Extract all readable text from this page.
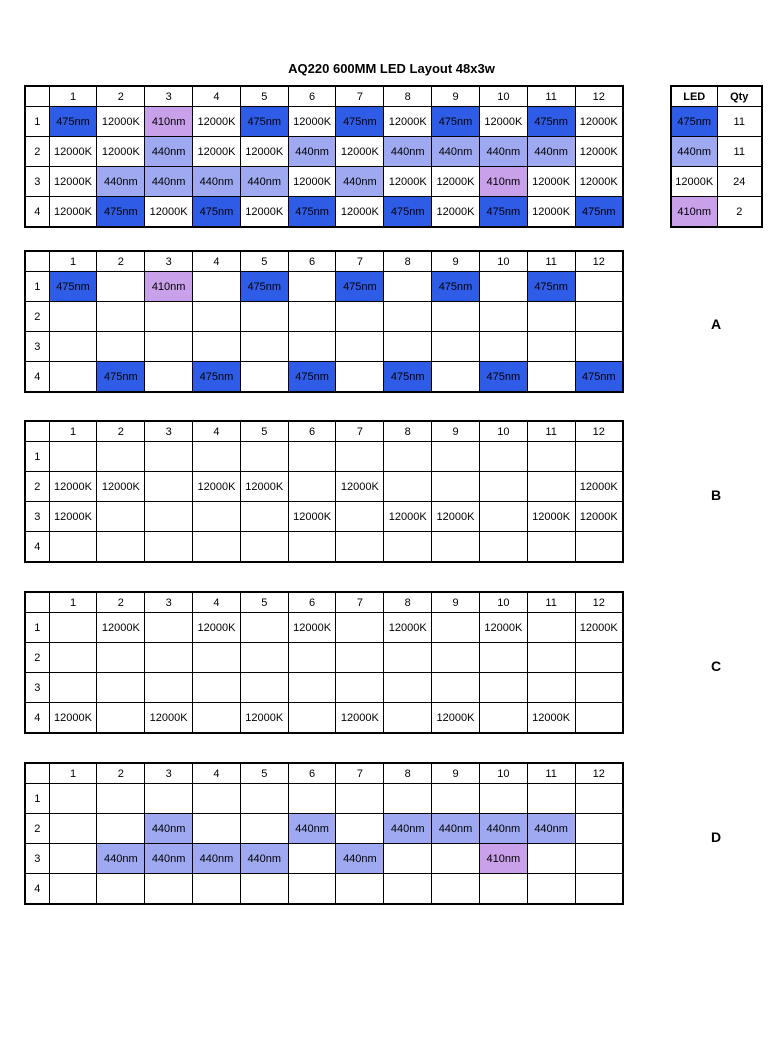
AQ220 600MM LED Layout 48x3w
	1	2	3	4	5	6	7	8	9	10	11	12
1	475nm	12000K	410nm	12000K	475nm	12000K	475nm	12000K	475nm	12000K	475nm	12000K
2	12000K	12000K	440nm	12000K	12000K	440nm	12000K	440nm	440nm	440nm	440nm	12000K
3	12000K	440nm	440nm	440nm	440nm	12000K	440nm	12000K	12000K	410nm	12000K	12000K
4	12000K	475nm	12000K	475nm	12000K	475nm	12000K	475nm	12000K	475nm	12000K	475nm
LED	Qty
475nm	11
440nm	11
12000K	24
410nm	2
	1	2	3	4	5	6	7	8	9	10	11	12
1	475nm		410nm		475nm		475nm		475nm		475nm	
2												
3												
4		475nm		475nm		475nm		475nm		475nm		475nm
A
	1	2	3	4	5	6	7	8	9	10	11	12
1												
2	12000K	12000K		12000K	12000K		12000K					12000K
3	12000K					12000K		12000K	12000K		12000K	12000K
4												
B
	1	2	3	4	5	6	7	8	9	10	11	12
1		12000K		12000K		12000K		12000K		12000K		12000K
2												
3												
4	12000K		12000K		12000K		12000K		12000K		12000K	
C
	1	2	3	4	5	6	7	8	9	10	11	12
1												
2			440nm			440nm		440nm	440nm	440nm	440nm	
3		440nm	440nm	440nm	440nm		440nm			410nm		
4												
D
